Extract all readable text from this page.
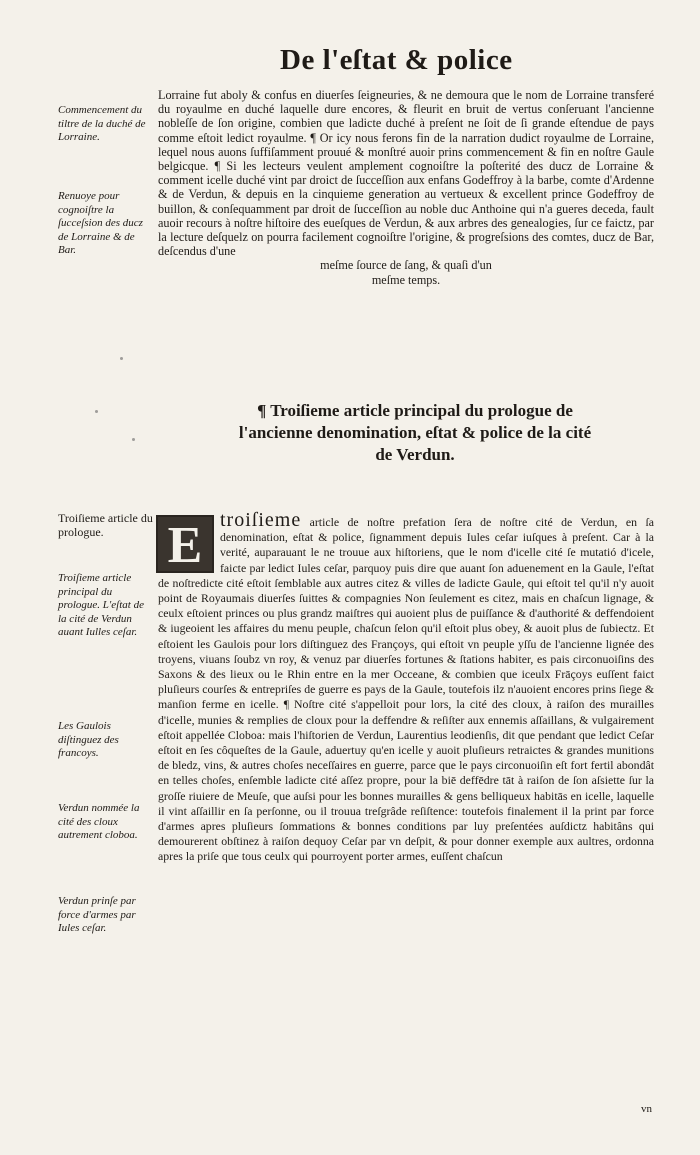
De l'eſtat & police
Commencement du tiltre de la duché de Lorraine.
Renuoye pour cognoiſtre la ſucceſsion des ducz de Lorraine & de Bar.
Lorraine fut aboly & confus en diuerſes ſeigneuries, & ne demoura que le nom de Lorraine transferé du royaulme en duché laquelle dure encores, & fleurit en bruit de vertus conſeruant l'ancienne nobleſſe de ſon origine, combien que ladicte duché à preſent ne ſoit de ſi grande eſtendue de pays comme eſtoit ledict royaulme. ¶ Or icy nous ferons fin de la narration dudict royaulme de Lorraine, lequel nous auons ſuffiſamment prouué & monſtré auoir prins commencement & fin en noſtre Gaule belgicque. ¶ Si les lecteurs veulent amplement cognoiſtre la poſterité des ducz de Lorraine & comment icelle duché vint par droict de ſucceſſion aux enfans Godeffroy à la barbe, comte d'Ardenne & de Verdun, & depuis en la cinquieme generation au vertueux & excellent prince Godeffroy de buillon, & conſequamment par droit de ſucceſſion au noble duc Anthoine qui n'a gueres deceda, fault auoir recours à noſtre hiſtoire des eueſques de Verdun, & aux arbres des genealogies, ſur ce faictz, par la lecture deſquelz on pourra facilement cognoiſtre l'origine, & progreſsions des comtes, ducz de Bar, deſcendus d'une
meſme ſource de ſang, & quaſi d'un
meſme temps.
¶ Troiſieme article principal du prologue de l'ancienne denomination, eſtat & police de la cité de Verdun.
Troiſieme article du prologue.
Troiſieme article principal du prologue. L'eſtat de la cité de Verdun auant Iulles ceſar.
Les Gaulois diſtinguez des francoys.
Verdun nommée la cité des cloux autrement cloboa.
Verdun prinſe par force d'armes par Iules ceſar.
E troiſieme article de noſtre prefation ſera de noſtre cité de Verdun, en ſa denomination, eſtat & police, ſignamment depuis Iules ceſar iuſques à preſent. Car à la verité, auparauant le ne trouue aux hiſtoriens, que le nom d'icelle cité ſe mutatió d'icele, faicte par ledict Iules ceſar, parquoy puis dire que auant ſon aduenement en la Gaule, l'eſtat de noſtredicte cité eſtoit ſemblable aux autres citez & villes de ladicte Gaule, qui eſtoit tel qu'il n'y auoit point de Royaumais diuerſes ſuittes & compagnies Non ſeulement es citez, mais en chaſcun lignage, & ceulx eſtoient princes ou plus grandz maiſtres qui auoient plus de puiſſance & d'authorité & deffendoient & iugeoient les affaires du menu peuple, chaſcun ſelon qu'il eſtoit plus obey, & auoit plus de ſubiectz. Et eſtoient les Gaulois pour lors diſtinguez des Françoys, qui eſtoit vn peuple yſſu de l'ancienne lignée des troyens, viuans ſoubz vn roy, & venuz par diuerſes fortunes & ſtations habiter, es pais circonuoiſins des Saxons & des lieux ou le Rhin entre en la mer Occeane, & combien que iceulx Frāçoys euſſent faict pluſieurs courſes & entrepriſes de guerre es pays de la Gaule, toutefois ilz n'auoient encores prins ſiege & manſion ferme en icelle. ¶ Noſtre cité s'appelloit pour lors, la cité des cloux, à raiſon des murailles d'icelle, munies & remplies de cloux pour la deffendre & reſiſter aux ennemis aſſaillans, & vulgairement eſtoit appellée Cloboa: mais l'hiſtorien de Verdun, Laurentius leodienſis, dit que pendant que ledict Ceſar eſtoit en ſes côqueſtes de la Gaule, aduertuy qu'en icelle y auoit pluſieurs retraictes & grandes munitions de bledz, vins, & autres choſes neceſſaires en guerre, parce que le pays circonuoiſin eſt fort fertil abondât en telles choſes, enſemble ladicte cité aſſez propre, pour la biē deffēdre tāt à raiſon de ſon aſsiette ſur la groſſe riuiere de Meuſe, que auſsi pour les bonnes murailles & gens belliqueux habitās en icelle, laquelle il vint aſſaillir en ſa perſonne, ou il trouua treſgrâde reſiſtence: toutefois finalement il la print par force d'armes apres pluſieurs ſommations & bonnes conditions par luy preſentées auſdictz habitâns qui demourerent obſtinez à raiſon dequoy Ceſar par vn deſpit, & pour donner exemple aux aultres, ordonna apres la priſe que tous ceulx qui pourroyent porter armes, euſſent chaſcun
vn
